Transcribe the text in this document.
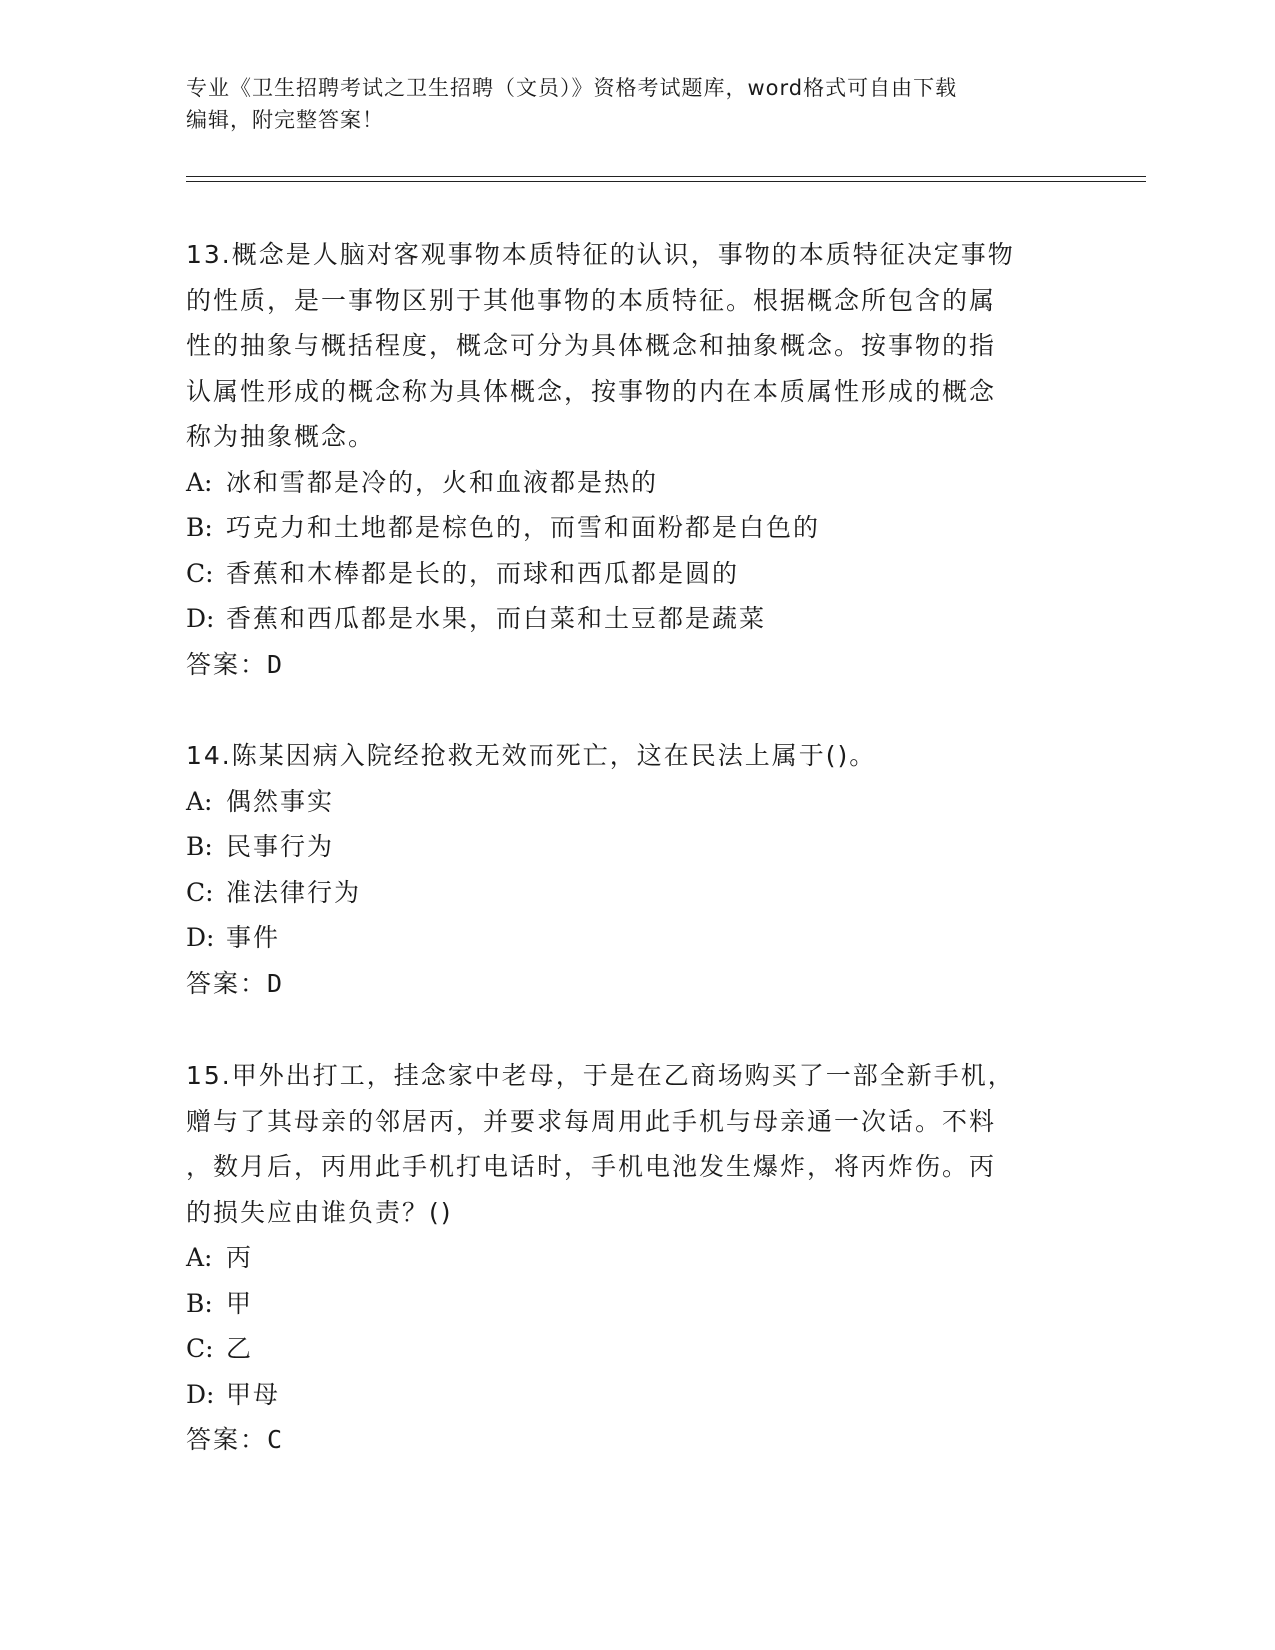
专业《卫生招聘考试之卫生招聘（文员）》资格考试题库，word格式可自由下载
编辑，附完整答案！
13.概念是人脑对客观事物本质特征的认识，事物的本质特征决定事物
的性质，是一事物区别于其他事物的本质特征。根据概念所包含的属
性的抽象与概括程度，概念可分为具体概念和抽象概念。按事物的指
认属性形成的概念称为具体概念，按事物的内在本质属性形成的概念
称为抽象概念。
A: 冰和雪都是冷的，火和血液都是热的
B: 巧克力和土地都是棕色的，而雪和面粉都是白色的
C: 香蕉和木棒都是长的，而球和西瓜都是圆的
D: 香蕉和西瓜都是水果，而白菜和土豆都是蔬菜
答案：D
14.陈某因病入院经抢救无效而死亡，这在民法上属于()。
A: 偶然事实
B: 民事行为
C: 准法律行为
D: 事件
答案：D
15.甲外出打工，挂念家中老母，于是在乙商场购买了一部全新手机，
赠与了其母亲的邻居丙，并要求每周用此手机与母亲通一次话。不料
，数月后，丙用此手机打电话时，手机电池发生爆炸，将丙炸伤。丙
的损失应由谁负责？()
A: 丙
B: 甲
C: 乙
D: 甲母
答案：C
